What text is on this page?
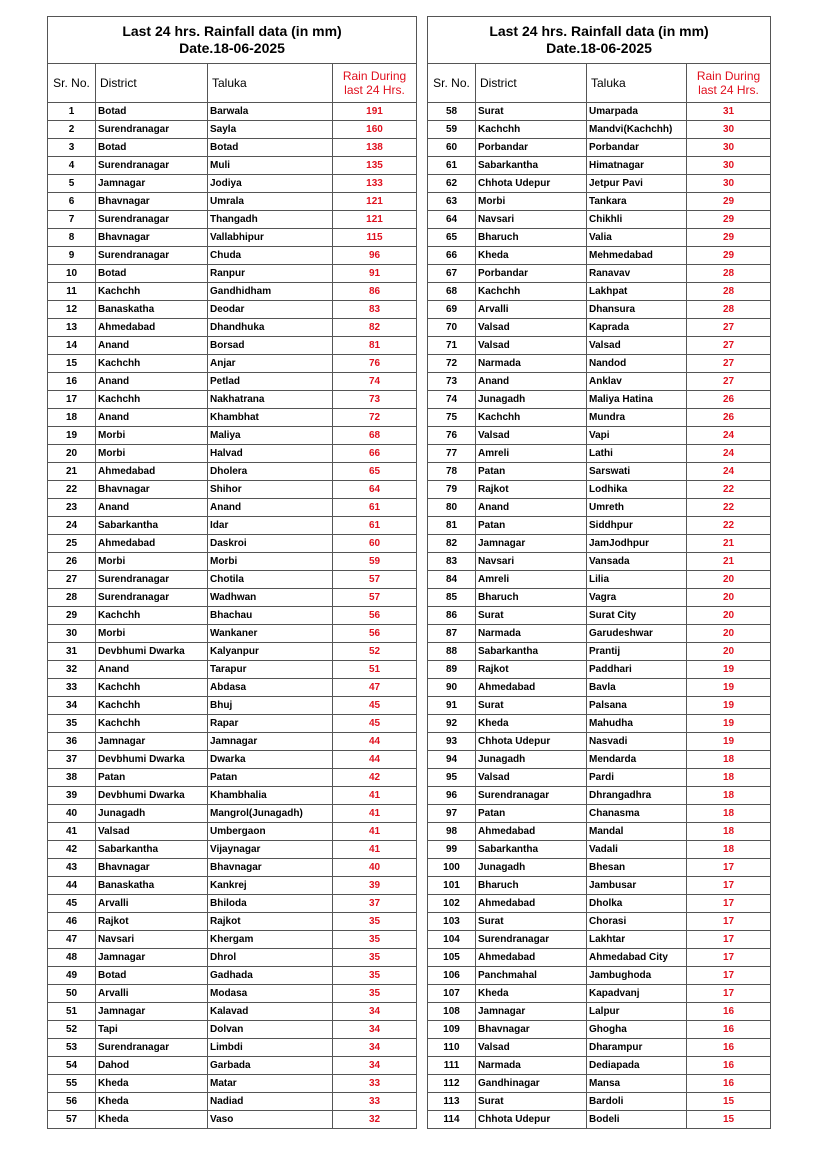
Last 24 hrs. Rainfall data (in mm)
Date.18-06-2025			

Sr. No.	District	Taluka	Rain During
last 24 Hrs.

1	Botad	Barwala	191
2	Surendranagar	Sayla	160
3	Botad	Botad	138
4	Surendranagar	Muli	135
5	Jamnagar	Jodiya	133
6	Bhavnagar	Umrala	121
7	Surendranagar	Thangadh	121
8	Bhavnagar	Vallabhipur	115
9	Surendranagar	Chuda	96
10	Botad	Ranpur	91
11	Kachchh	Gandhidham	86
12	Banaskatha	Deodar	83
13	Ahmedabad	Dhandhuka	82
14	Anand	Borsad	81
15	Kachchh	Anjar	76
16	Anand	Petlad	74
17	Kachchh	Nakhatrana	73
18	Anand	Khambhat	72
19	Morbi	Maliya	68
20	Morbi	Halvad	66
21	Ahmedabad	Dholera	65
22	Bhavnagar	Shihor	64
23	Anand	Anand	61
24	Sabarkantha	Idar	61
25	Ahmedabad	Daskroi	60
26	Morbi	Morbi	59
27	Surendranagar	Chotila	57
28	Surendranagar	Wadhwan	57
29	Kachchh	Bhachau	56
30	Morbi	Wankaner	56
31	Devbhumi Dwarka	Kalyanpur	52
32	Anand	Tarapur	51
33	Kachchh	Abdasa	47
34	Kachchh	Bhuj	45
35	Kachchh	Rapar	45
36	Jamnagar	Jamnagar	44
37	Devbhumi Dwarka	Dwarka	44
38	Patan	Patan	42
39	Devbhumi Dwarka	Khambhalia	41
40	Junagadh	Mangrol(Junagadh)	41
41	Valsad	Umbergaon	41
42	Sabarkantha	Vijaynagar	41
43	Bhavnagar	Bhavnagar	40
44	Banaskatha	Kankrej	39
45	Arvalli	Bhiloda	37
46	Rajkot	Rajkot	35
47	Navsari	Khergam	35
48	Jamnagar	Dhrol	35
49	Botad	Gadhada	35
50	Arvalli	Modasa	35
51	Jamnagar	Kalavad	34
52	Tapi	Dolvan	34
53	Surendranagar	Limbdi	34
54	Dahod	Garbada	34
55	Kheda	Matar	33
56	Kheda	Nadiad	33
57	Kheda	Vaso	32
Last 24 hrs. Rainfall data (in mm)
Date.18-06-2025			

Sr. No.	District	Taluka	Rain During
last 24 Hrs.

58	Surat	Umarpada	31
59	Kachchh	Mandvi(Kachchh)	30
60	Porbandar	Porbandar	30
61	Sabarkantha	Himatnagar	30
62	Chhota Udepur	Jetpur Pavi	30
63	Morbi	Tankara	29
64	Navsari	Chikhli	29
65	Bharuch	Valia	29
66	Kheda	Mehmedabad	29
67	Porbandar	Ranavav	28
68	Kachchh	Lakhpat	28
69	Arvalli	Dhansura	28
70	Valsad	Kaprada	27
71	Valsad	Valsad	27
72	Narmada	Nandod	27
73	Anand	Anklav	27
74	Junagadh	Maliya Hatina	26
75	Kachchh	Mundra	26
76	Valsad	Vapi	24
77	Amreli	Lathi	24
78	Patan	Sarswati	24
79	Rajkot	Lodhika	22
80	Anand	Umreth	22
81	Patan	Siddhpur	22
82	Jamnagar	JamJodhpur	21
83	Navsari	Vansada	21
84	Amreli	Lilia	20
85	Bharuch	Vagra	20
86	Surat	Surat City	20
87	Narmada	Garudeshwar	20
88	Sabarkantha	Prantij	20
89	Rajkot	Paddhari	19
90	Ahmedabad	Bavla	19
91	Surat	Palsana	19
92	Kheda	Mahudha	19
93	Chhota Udepur	Nasvadi	19
94	Junagadh	Mendarda	18
95	Valsad	Pardi	18
96	Surendranagar	Dhrangadhra	18
97	Patan	Chanasma	18
98	Ahmedabad	Mandal	18
99	Sabarkantha	Vadali	18
100	Junagadh	Bhesan	17
101	Bharuch	Jambusar	17
102	Ahmedabad	Dholka	17
103	Surat	Chorasi	17
104	Surendranagar	Lakhtar	17
105	Ahmedabad	Ahmedabad City	17
106	Panchmahal	Jambughoda	17
107	Kheda	Kapadvanj	17
108	Jamnagar	Lalpur	16
109	Bhavnagar	Ghogha	16
110	Valsad	Dharampur	16
111	Narmada	Dediapada	16
112	Gandhinagar	Mansa	16
113	Surat	Bardoli	15
114	Chhota Udepur	Bodeli	15
